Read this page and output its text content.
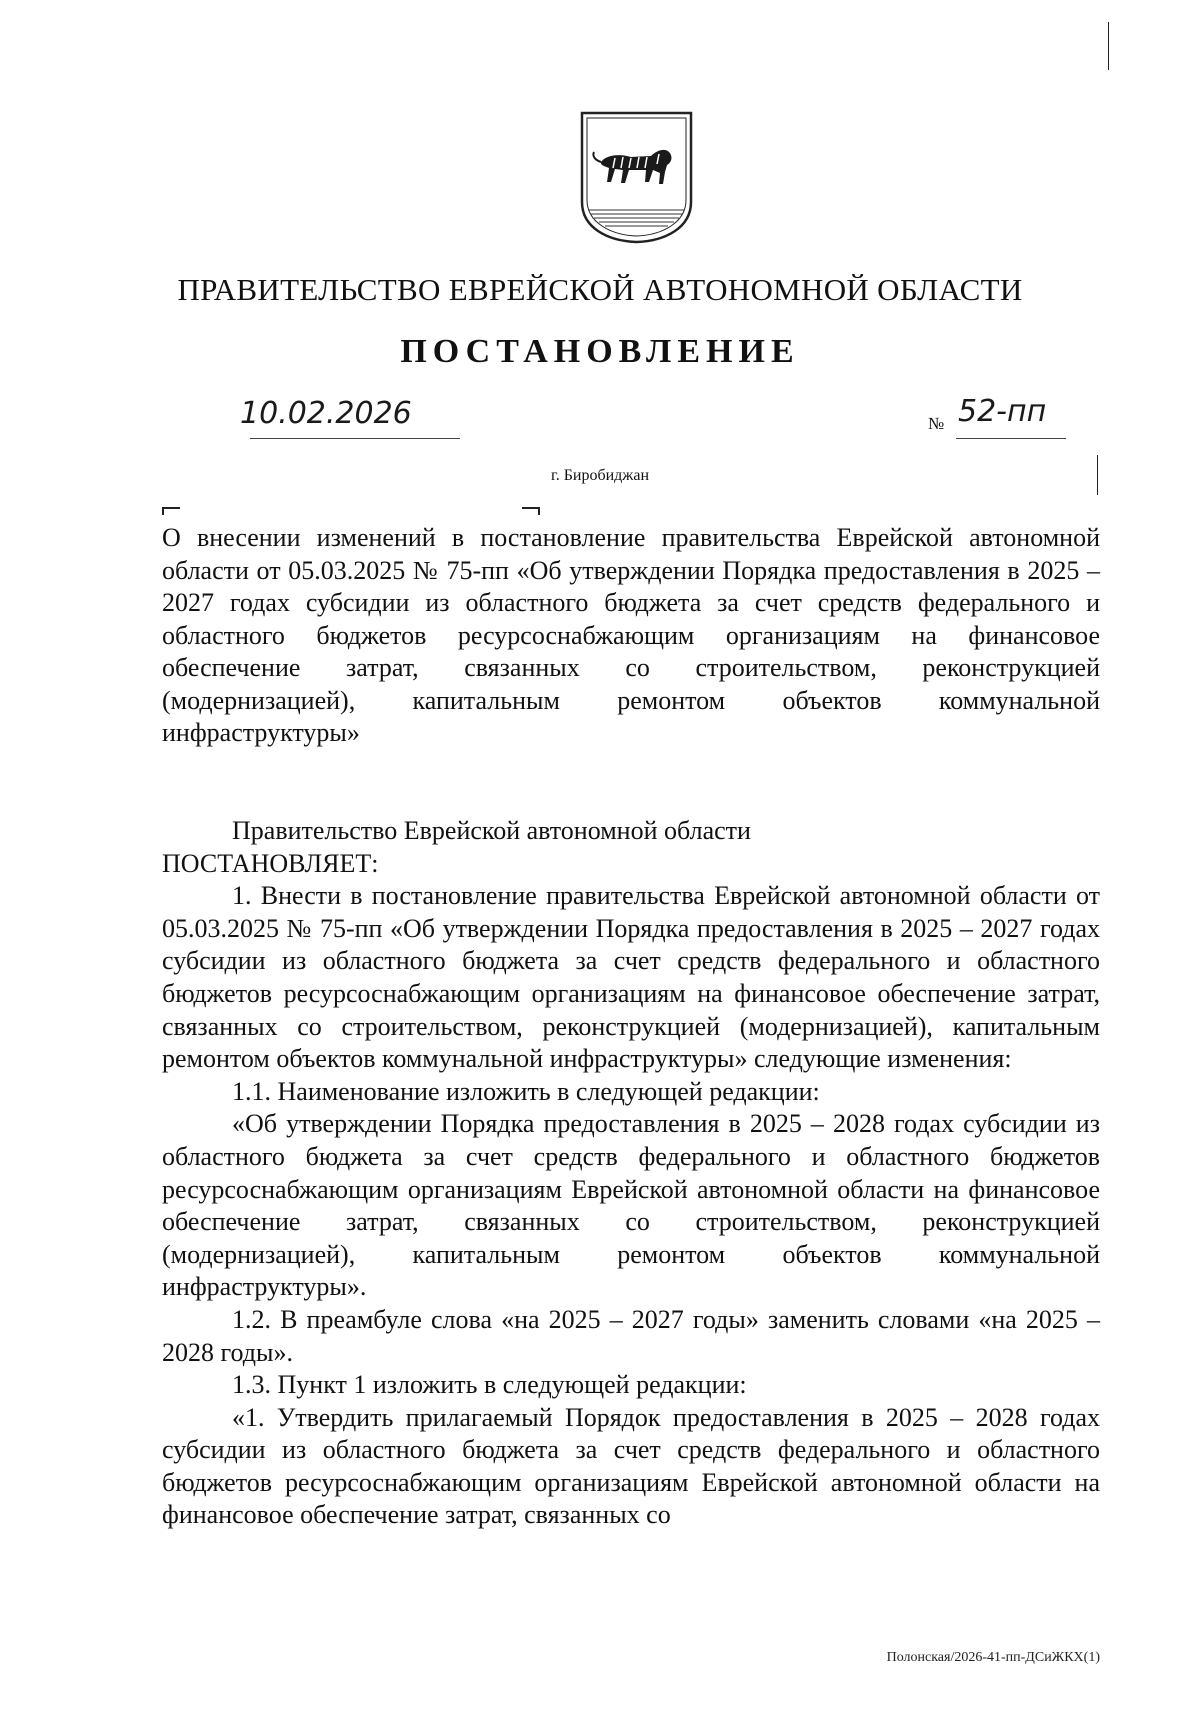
ПРАВИТЕЛЬСТВО ЕВРЕЙСКОЙ АВТОНОМНОЙ ОБЛАСТИ
ПОСТАНОВЛЕНИЕ
10.02.2026	№ 52-пп
г. Биробиджан
О внесении изменений в постановление правительства Еврейской автономной области от 05.03.2025 № 75-пп «Об утверждении Порядка предоставления в 2025 – 2027 годах субсидии из областного бюджета за счет средств федерального и областного бюджетов ресурсоснабжающим организациям на финансовое обеспечение затрат, связанных со строительством, реконструкцией (модернизацией), капитальным ремонтом объектов коммунальной инфраструктуры»

Правительство Еврейской автономной области

ПОСТАНОВЛЯЕТ:

1. Внести в постановление правительства Еврейской автономной области от 05.03.2025 № 75-пп «Об утверждении Порядка предоставления в 2025 – 2027 годах субсидии из областного бюджета за счет средств федерального и областного бюджетов ресурсоснабжающим организациям на финансовое обеспечение затрат, связанных со строительством, реконструкцией (модернизацией), капитальным ремонтом объектов коммунальной инфраструктуры» следующие изменения:

1.1. Наименование изложить в следующей редакции:

«Об утверждении Порядка предоставления в 2025 – 2028 годах субсидии из областного бюджета за счет средств федерального и областного бюджетов ресурсоснабжающим организациям Еврейской автономной области на финансовое обеспечение затрат, связанных со строительством, реконструкцией (модернизацией), капитальным ремонтом объектов коммунальной инфраструктуры».

1.2. В преамбуле слова «на 2025 – 2027 годы» заменить словами «на 2025 – 2028 годы».

1.3. Пункт 1 изложить в следующей редакции:

«1. Утвердить прилагаемый Порядок предоставления в 2025 – 2028 годах субсидии из областного бюджета за счет средств федерального и областного бюджетов ресурсоснабжающим организациям Еврейской автономной области на финансовое обеспечение затрат, связанных со

Полонская/2026-41-пп-ДСиЖКХ(1)
